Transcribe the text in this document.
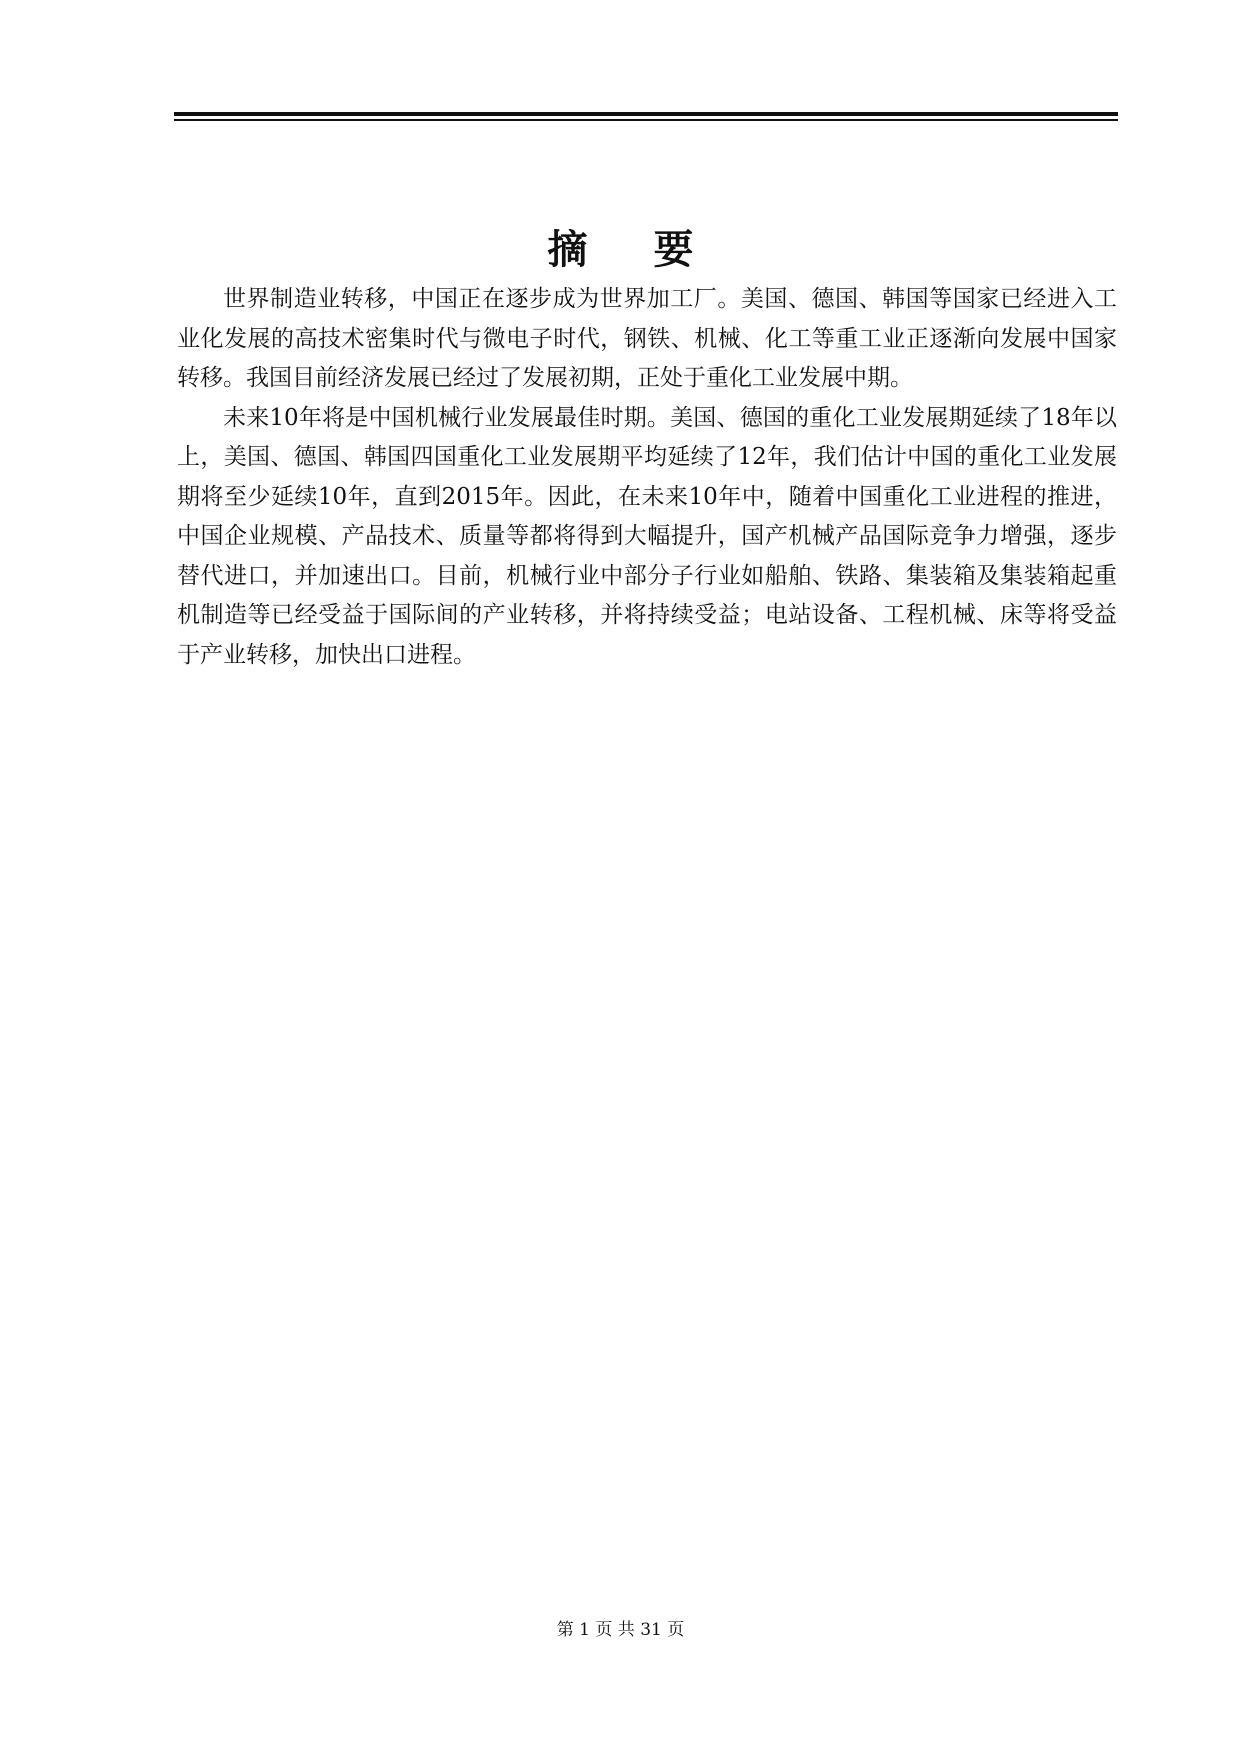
摘要

世界制造业转移，中国正在逐步成为世界加工厂。美国、德国、韩国等国家已经进入工业化发展的高技术密集时代与微电子时代，钢铁、机械、化工等重工业正逐渐向发展中国家转移。我国目前经济发展已经过了发展初期，正处于重化工业发展中期。

未来10年将是中国机械行业发展最佳时期。美国、德国的重化工业发展期延续了18年以上，美国、德国、韩国四国重化工业发展期平均延续了12年，我们估计中国的重化工业发展期将至少延续10年，直到2015年。因此，在未来10年中，随着中国重化工业进程的推进，中国企业规模、产品技术、质量等都将得到大幅提升，国产机械产品国际竞争力增强，逐步替代进口，并加速出口。目前，机械行业中部分子行业如船舶、铁路、集装箱及集装箱起重机制造等已经受益于国际间的产业转移，并将持续受益；电站设备、工程机械、床等将受益于产业转移，加快出口进程。

第 1 页 共 31 页
